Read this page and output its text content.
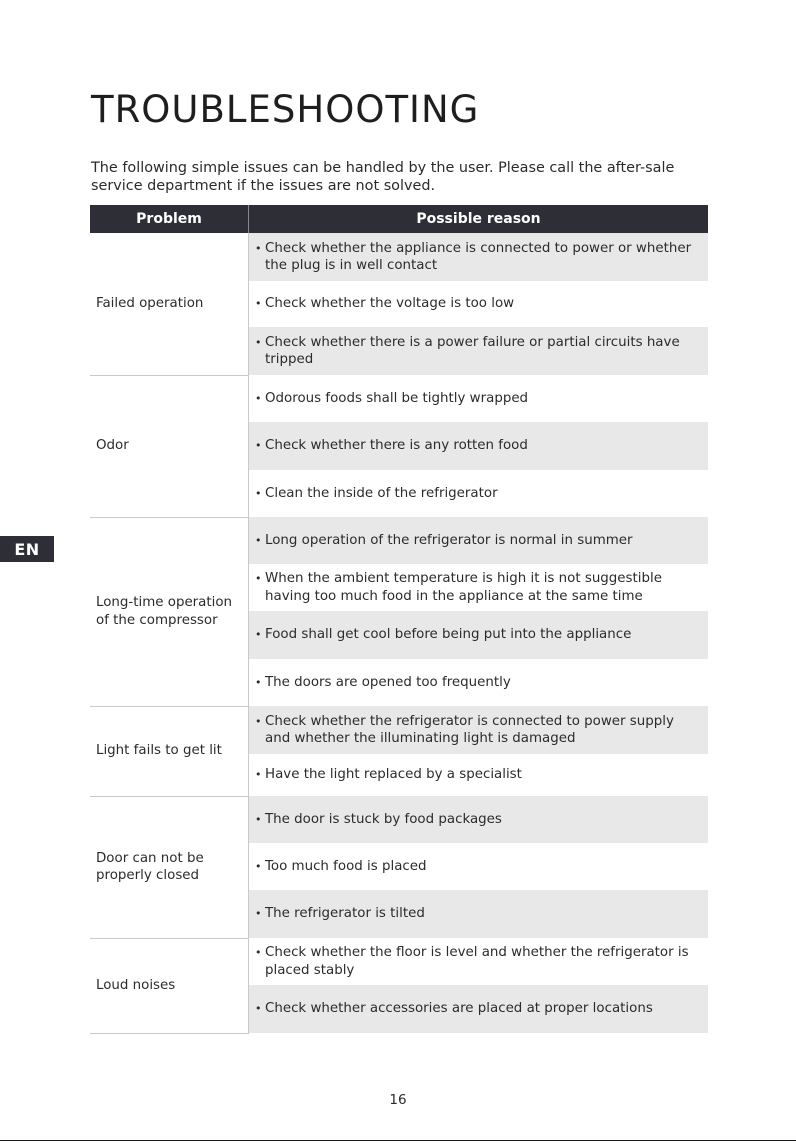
TROUBLESHOOTING

The following simple issues can be handled by the user. Please call the after-sale service department if the issues are not solved.

EN
Problem	Possible reason
Failed operation	• Check whether the appliance is connected to power or whether the plug is in well contact

	• Check whether the voltage is too low

	• Check whether there is a power failure or partial circuits have tripped

Odor	• Odorous foods shall be tightly wrapped

	• Check whether there is any rotten food

	• Clean the inside of the refrigerator

Long-time operation of the compressor	• Long operation of the refrigerator is normal in summer

	• When the ambient temperature is high it is not suggestible having too much food in the appliance at the same time

	• Food shall get cool before being put into the appliance

	• The doors are opened too frequently

Light fails to get lit	• Check whether the refrigerator is connected to power supply and whether the illuminating light is damaged

	• Have the light replaced by a specialist

Door can not be properly closed	• The door is stuck by food packages

	• Too much food is placed

	• The refrigerator is tilted

Loud noises	• Check whether the floor is level and whether the refrigerator is placed stably

	• Check whether accessories are placed at proper locations
16
